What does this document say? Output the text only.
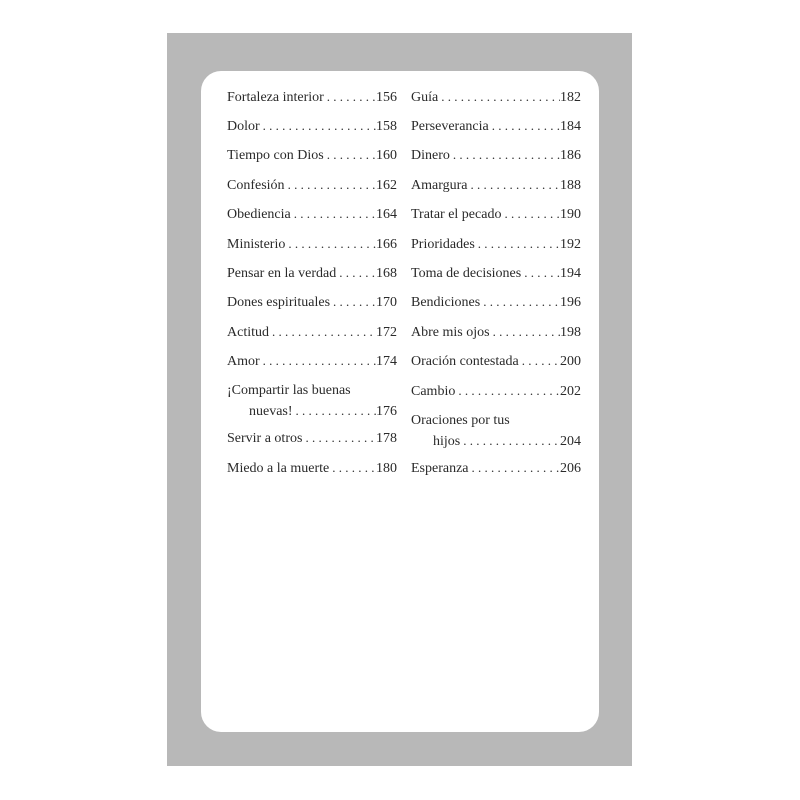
Fortaleza interior . . .	156
Dolor . . .	158
Tiempo con Dios . . .	160
Confesión . . .	162
Obediencia . . .	164
Ministerio . . .	166
Pensar en la verdad . . .	168
Dones espirituales . . .	170
Actitud . . .	172
Amor . . .	174
¡Compartir las buenas
nuevas! . . .	176
Servir a otros . . .	178
Miedo a la muerte . . .	180
Guía . . .	182
Perseverancia . . .	184
Dinero . . .	186
Amargura . . .	188
Tratar el pecado . . .	190
Prioridades . . .	192
Toma de decisiones . . .	194
Bendiciones . . .	196
Abre mis ojos . . .	198
Oración contestada . . .	200
Cambio . . .	202
Oraciones por tus
hijos . . .	204
Esperanza . . .	206
